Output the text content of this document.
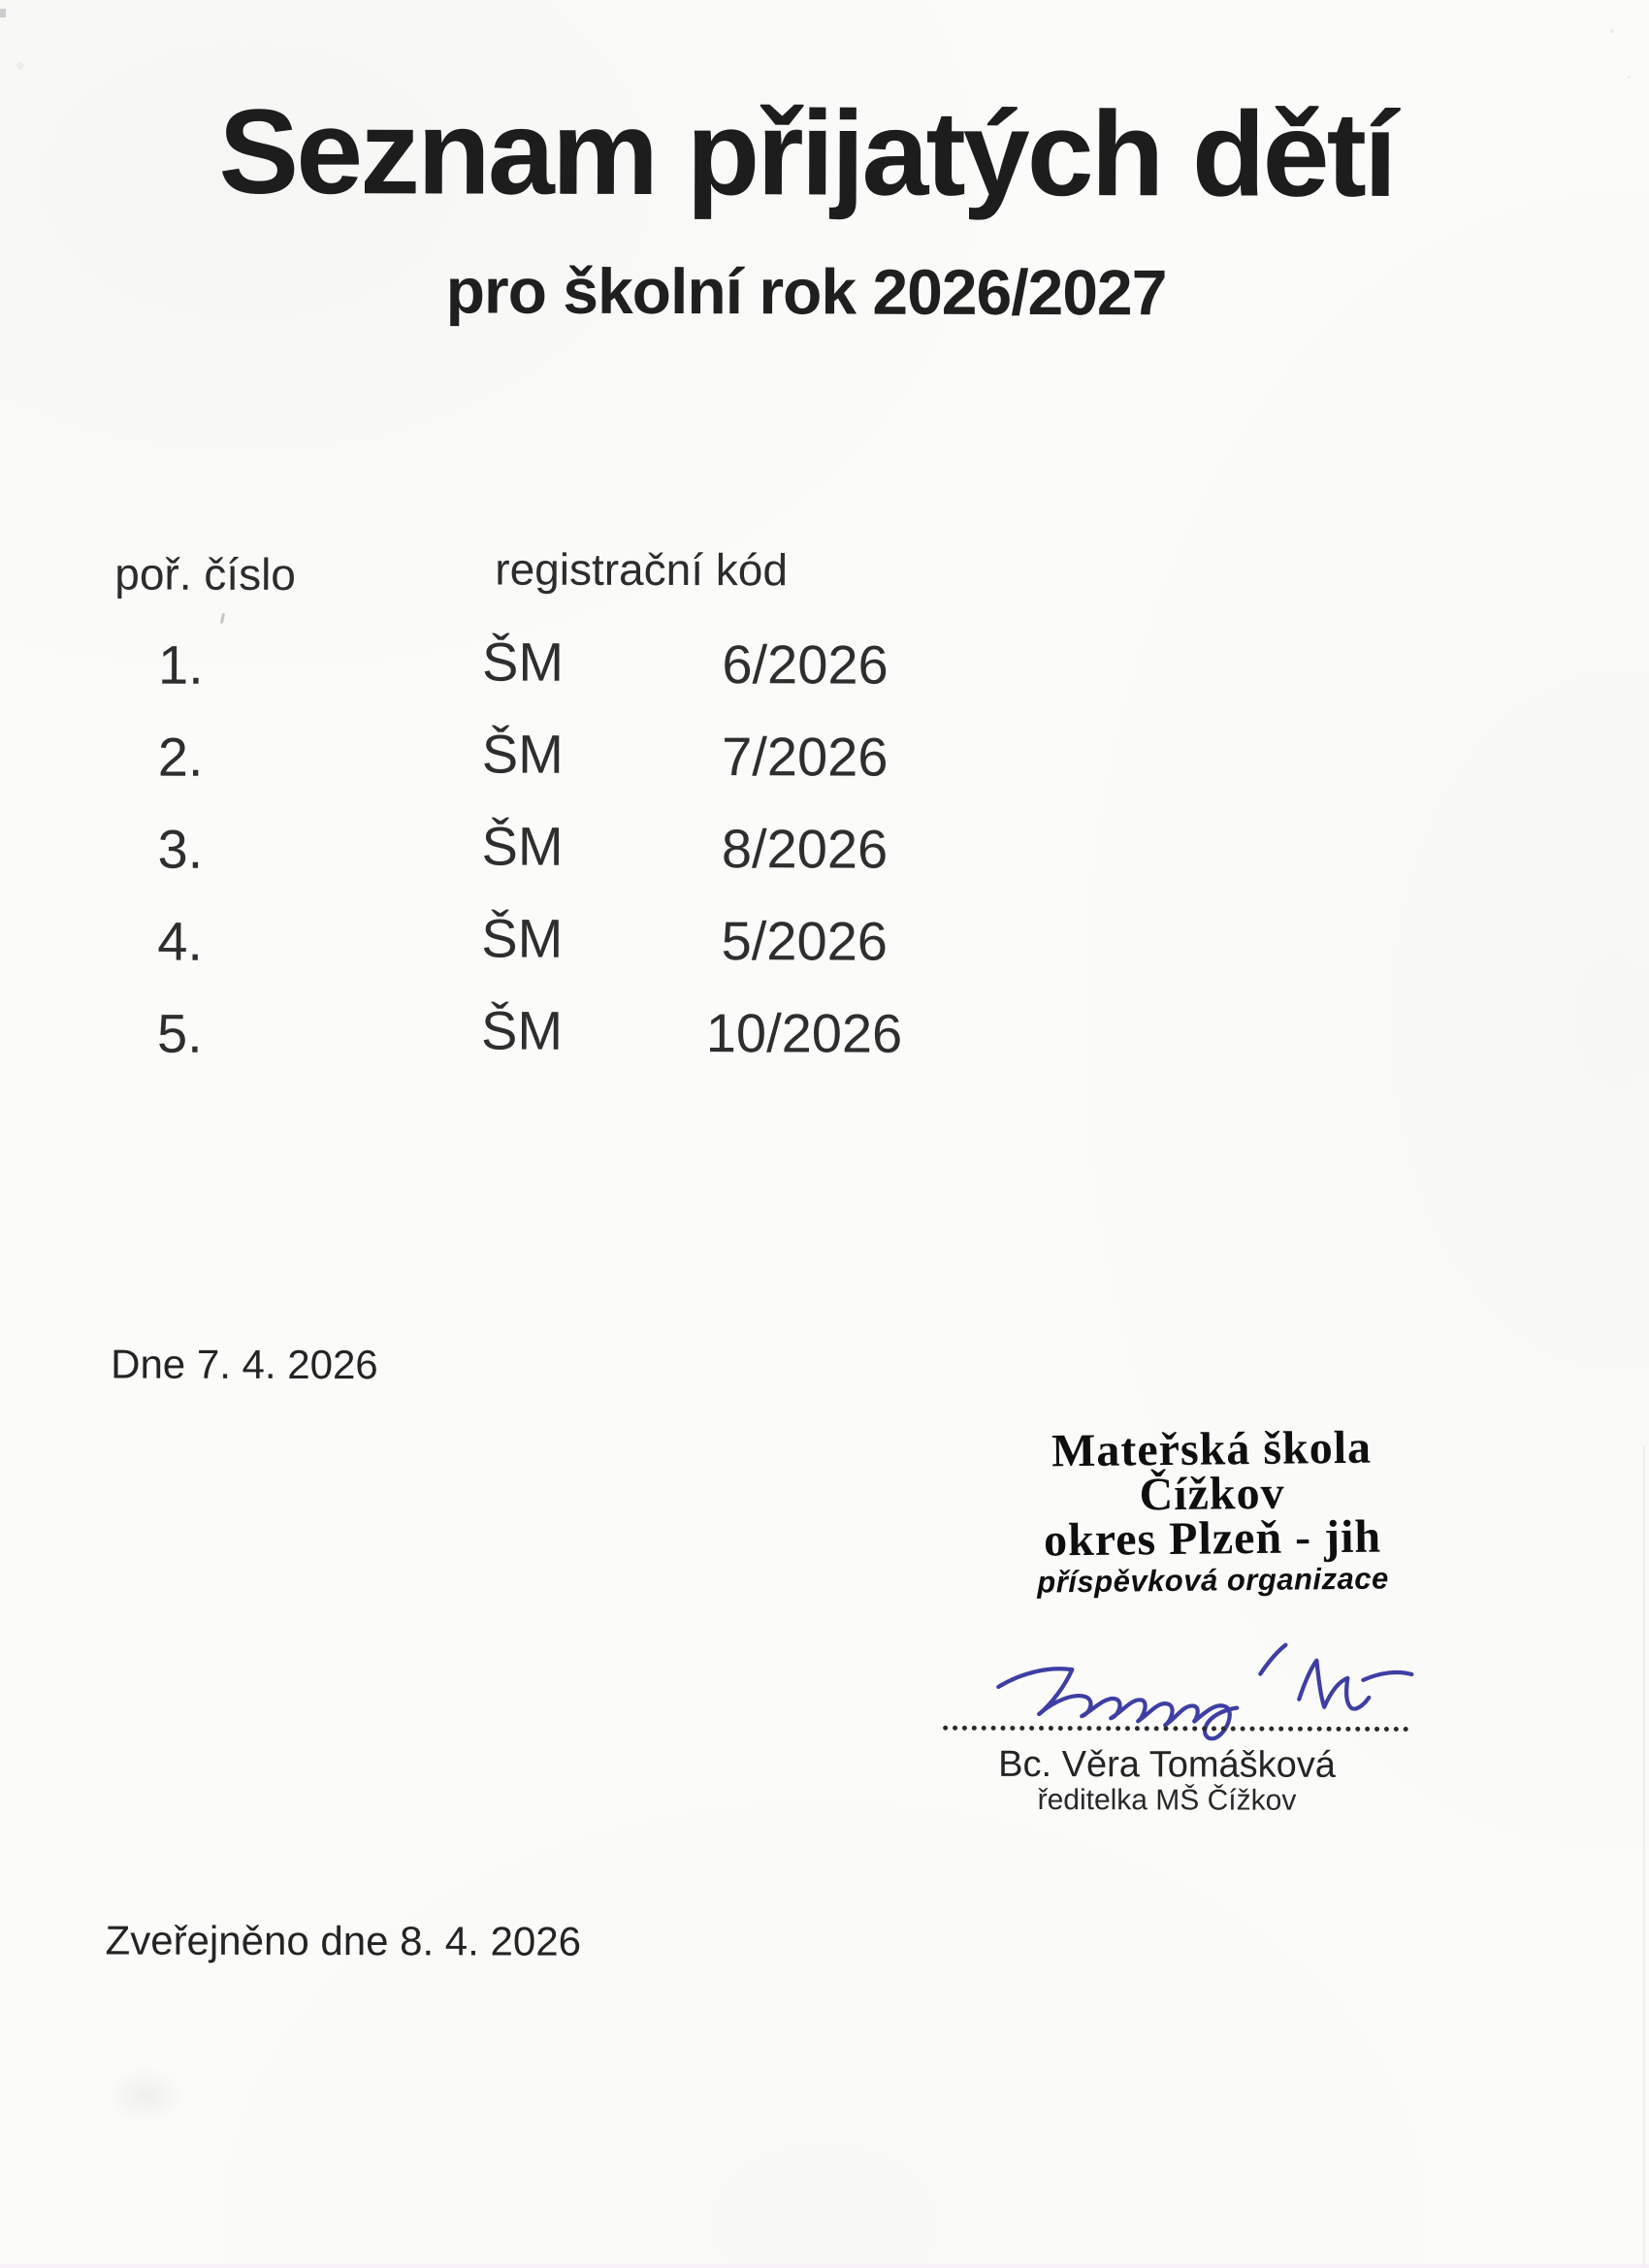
Seznam přijatých dětí
pro školní rok 2026/2027
poř. číslo	registrační kód
1.	ŠM	6/2026
2.	ŠM	7/2026
3.	ŠM	8/2026
4.	ŠM	5/2026
5.	ŠM	10/2026
Dne 7. 4. 2026
Mateřská škola
Čížkov
okres Plzeň - jih
příspěvková organizace
Bc. Věra Tomášková
ředitelka MŠ Čížkov
Zveřejněno dne 8. 4. 2026
